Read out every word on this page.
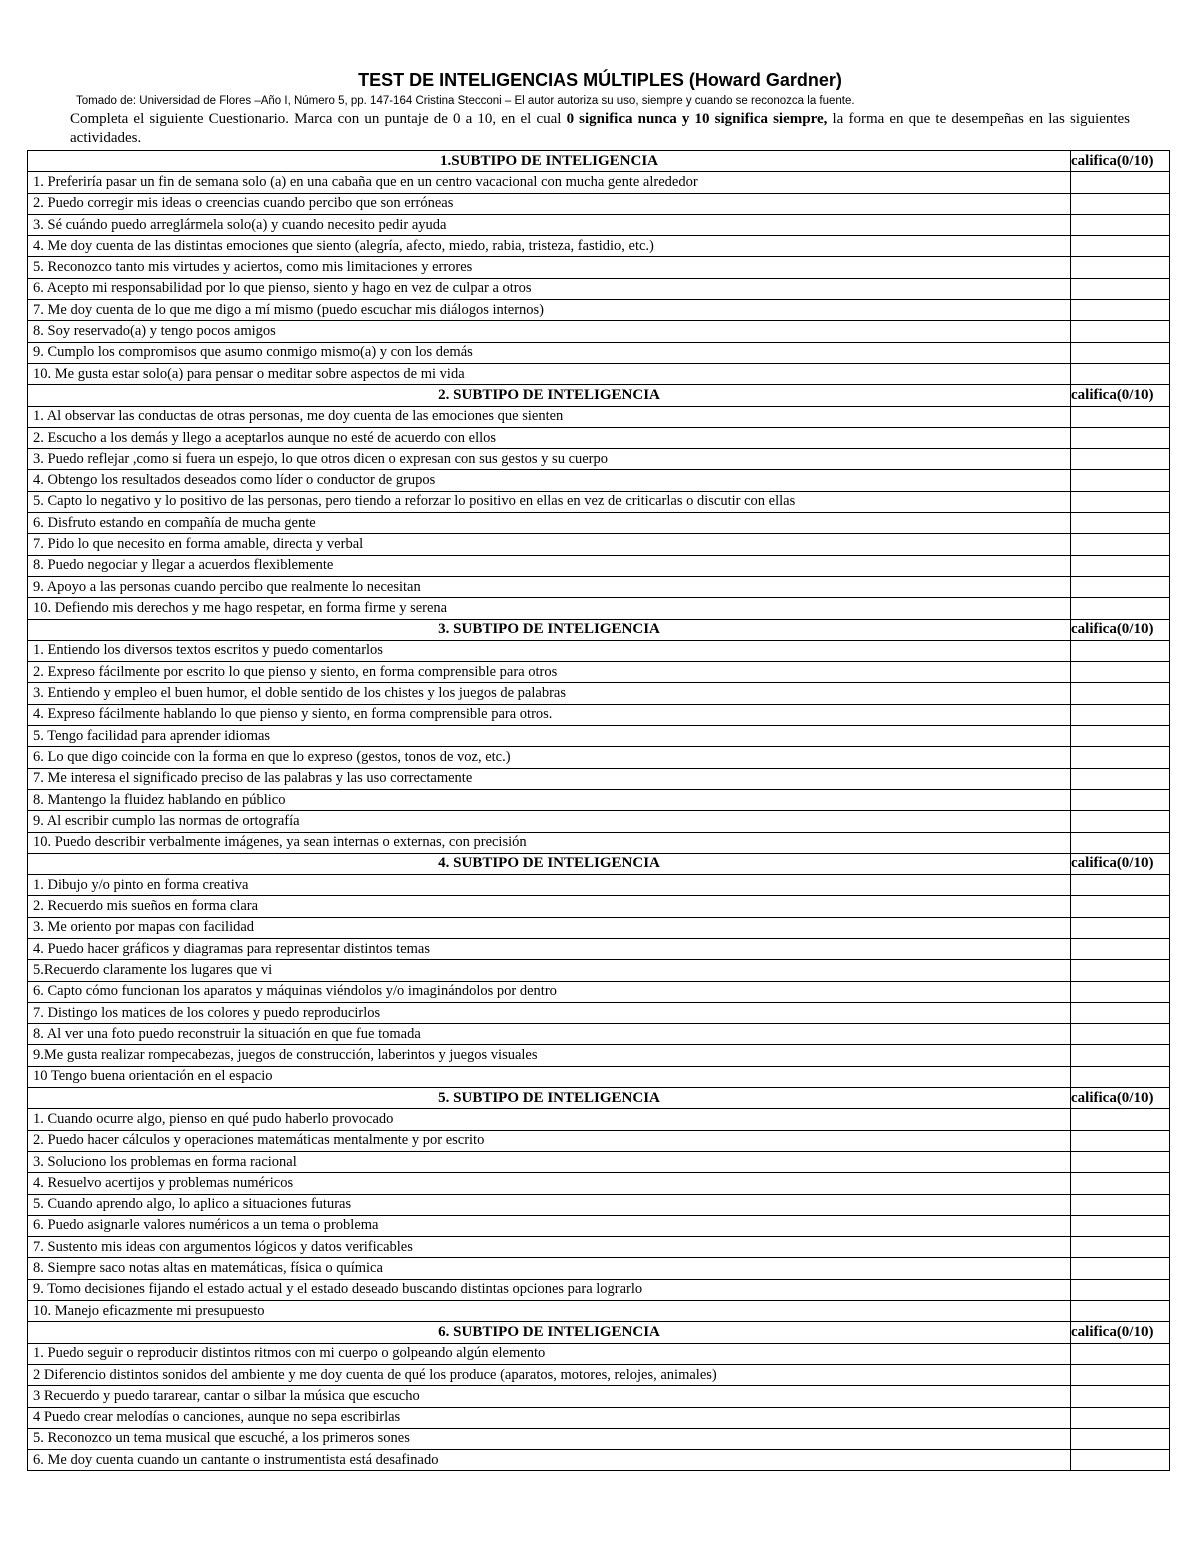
TEST DE INTELIGENCIAS MÚLTIPLES (Howard Gardner)
Tomado de: Universidad de Flores –Año I, Número 5, pp. 147-164 Cristina Stecconi – El autor autoriza su uso, siempre y cuando se reconozca la fuente.
Completa el siguiente Cuestionario. Marca con un puntaje de 0 a 10, en el cual 0 significa nunca y 10 significa siempre, la forma en que te desempeñas en las siguientes actividades.
1.SUBTIPO DE INTELIGENCIA	califica(0/10)
1. Preferiría pasar un fin de semana solo (a) en una cabaña que en un centro vacacional con mucha gente alrededor	
2. Puedo corregir mis ideas o creencias cuando percibo que son erróneas	
3. Sé cuándo puedo arreglármela solo(a) y cuando necesito pedir ayuda	
4. Me doy cuenta de las distintas emociones que siento (alegría, afecto, miedo, rabia, tristeza, fastidio, etc.)	
5. Reconozco tanto mis virtudes y aciertos, como mis limitaciones y errores	
6. Acepto mi responsabilidad por lo que pienso, siento y hago en vez de culpar a otros	
7. Me doy cuenta de lo que me digo a mí mismo (puedo escuchar mis diálogos internos)	
8. Soy reservado(a) y tengo pocos amigos	
9. Cumplo los compromisos que asumo conmigo mismo(a) y con los demás	
10. Me gusta estar solo(a) para pensar o meditar sobre aspectos de mi vida	
2. SUBTIPO DE INTELIGENCIA	califica(0/10)
1. Al observar las conductas de otras personas, me doy cuenta de las emociones que sienten	
2. Escucho a los demás y llego a aceptarlos aunque no esté de acuerdo con ellos	
3. Puedo reflejar ,como si fuera un espejo, lo que otros dicen o expresan con sus gestos y su cuerpo	
4. Obtengo los resultados deseados como líder o conductor de grupos	
5. Capto lo negativo y lo positivo de las personas, pero tiendo a reforzar lo positivo en ellas en vez de criticarlas o discutir con ellas	
6. Disfruto estando en compañía de mucha gente	
7. Pido lo que necesito en forma amable, directa y verbal	
8. Puedo negociar y llegar a acuerdos flexiblemente	
9. Apoyo a las personas cuando percibo que realmente lo necesitan	
10. Defiendo mis derechos y me hago respetar, en forma firme y serena	
3. SUBTIPO DE INTELIGENCIA	califica(0/10)
1. Entiendo los diversos textos escritos y puedo comentarlos	
2. Expreso fácilmente por escrito lo que pienso y siento, en forma comprensible para otros	
3. Entiendo y empleo el buen humor, el doble sentido de los chistes y los juegos de palabras	
4. Expreso fácilmente hablando lo que pienso y siento, en forma comprensible para otros.	
5. Tengo facilidad para aprender idiomas	
6. Lo que digo coincide con la forma en que lo expreso (gestos, tonos de voz, etc.)	
7. Me interesa el significado preciso de las palabras y las uso correctamente	
8. Mantengo la fluidez hablando en público	
9. Al escribir cumplo las normas de ortografía	
10. Puedo describir verbalmente imágenes, ya sean internas o externas, con precisión	
4. SUBTIPO DE INTELIGENCIA	califica(0/10)
1. Dibujo y/o pinto en forma creativa	
2. Recuerdo mis sueños en forma clara	
3. Me oriento por mapas con facilidad	
4. Puedo hacer gráficos y diagramas para representar distintos temas	
5.Recuerdo claramente los lugares que vi	
6. Capto cómo funcionan los aparatos y máquinas viéndolos y/o imaginándolos por dentro	
7. Distingo los matices de los colores y puedo reproducirlos	
8. Al ver una foto puedo reconstruir la situación en que fue tomada	
9.Me gusta realizar rompecabezas, juegos de construcción, laberintos y juegos visuales	
10 Tengo buena orientación en el espacio	
5. SUBTIPO DE INTELIGENCIA	califica(0/10)
1. Cuando ocurre algo, pienso en qué pudo haberlo provocado	
2. Puedo hacer cálculos y operaciones matemáticas mentalmente y por escrito	
3. Soluciono los problemas en forma racional	
4. Resuelvo acertijos y problemas numéricos	
5. Cuando aprendo algo, lo aplico a situaciones futuras	
6. Puedo asignarle valores numéricos a un tema o problema	
7. Sustento mis ideas con argumentos lógicos y datos verificables	
8. Siempre saco notas altas en matemáticas, física o química	
9. Tomo decisiones fijando el estado actual y el estado deseado buscando distintas opciones para lograrlo	
10. Manejo eficazmente mi presupuesto	
6. SUBTIPO DE INTELIGENCIA	califica(0/10)
1. Puedo seguir o reproducir distintos ritmos con mi cuerpo o golpeando algún elemento	
2 Diferencio distintos sonidos del ambiente y me doy cuenta de qué los produce (aparatos, motores, relojes, animales)	
3 Recuerdo y puedo tararear, cantar o silbar la música que escucho	
4 Puedo crear melodías o canciones, aunque no sepa escribirlas	
5. Reconozco un tema musical que escuché, a los primeros sones	
6. Me doy cuenta cuando un cantante o instrumentista está desafinado	
